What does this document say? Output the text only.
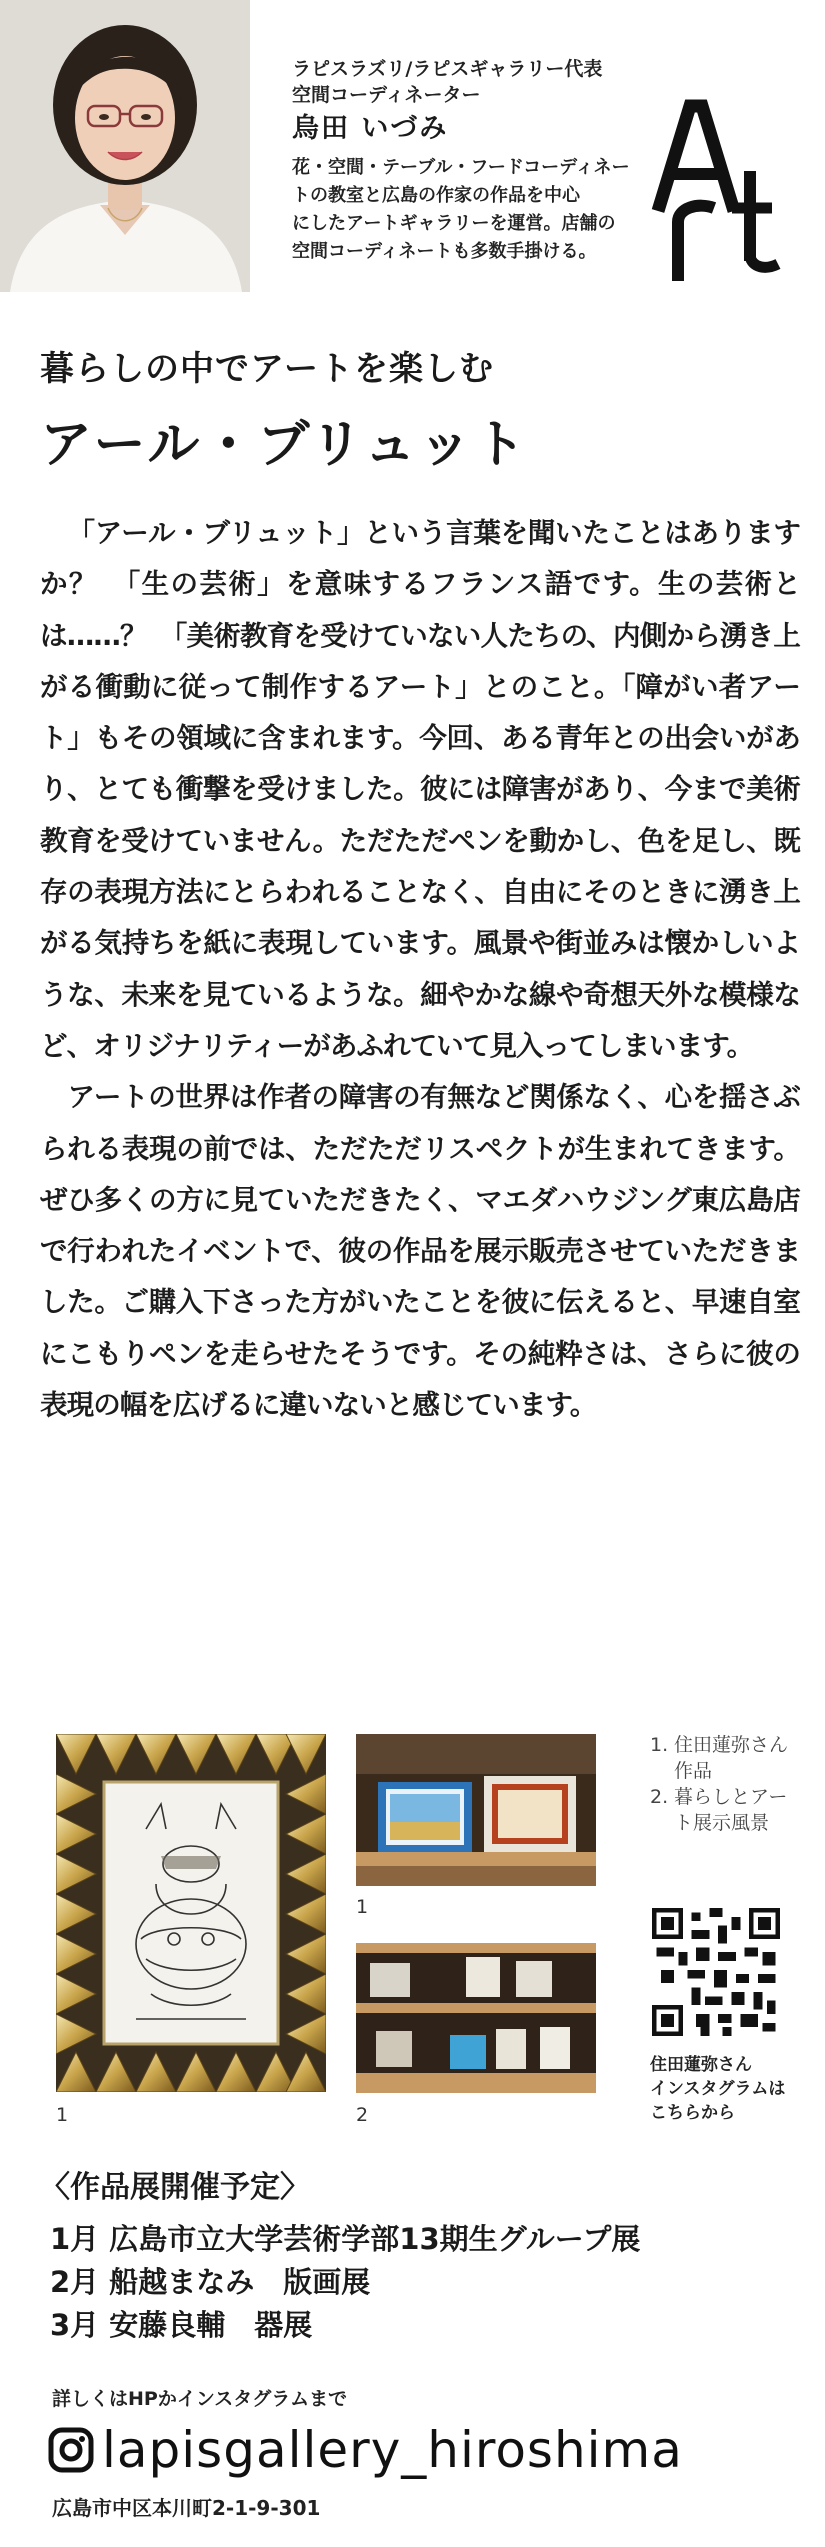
ラピスラズリ/ラピスギャラリー代表
空間コーディネーター
烏田 いづみ
花・空間・テーブル・フードコーディネー
トの教室と広島の作家の作品を中心
にしたアートギャラリーを運営。店舗の
空間コーディネートも多数手掛ける。
暮らしの中でアートを楽しむ
アール・ブリュット

「アール・ブリュット」という言葉を聞いたことはありますか？　「生の芸術」を意味するフランス語です。生の芸術とは……？　「美術教育を受けていない人たちの、内側から湧き上がる衝動に従って制作するアート」とのこと。「障がい者アート」もその領域に含まれます。今回、ある青年との出会いがあり、とても衝撃を受けました。彼には障害があり、今まで美術教育を受けていません。ただただペンを動かし、色を足し、既存の表現方法にとらわれることなく、自由にそのときに湧き上がる気持ちを紙に表現しています。風景や街並みは懐かしいような、未来を見ているような。細やかな線や奇想天外な模様など、オリジナリティーがあふれていて見入ってしまいます。

アートの世界は作者の障害の有無など関係なく、心を揺さぶられる表現の前では、ただただリスペクトが生まれてきます。ぜひ多くの方に見ていただきたく、マエダハウジング東広島店で行われたイベントで、彼の作品を展示販売させていただきました。ご購入下さった方がいたことを彼に伝えると、早速自室にこもりペンを走らせたそうです。その純粋さは、さらに彼の表現の幅を広げるに違いないと感じています。

1
1
2
1. 住田蓮弥さん作品
2. 暮らしとアート展示風景
住田蓮弥さん
インスタグラムは
こちらから
〈作品展開催予定〉
1月 広島市立大学芸術学部13期生グループ展
2月 船越まなみ　版画展
3月 安藤良輔　器展
詳しくはHPかインスタグラムまで
lapisgallery_hiroshima
広島市中区本川町2-1-9-301
